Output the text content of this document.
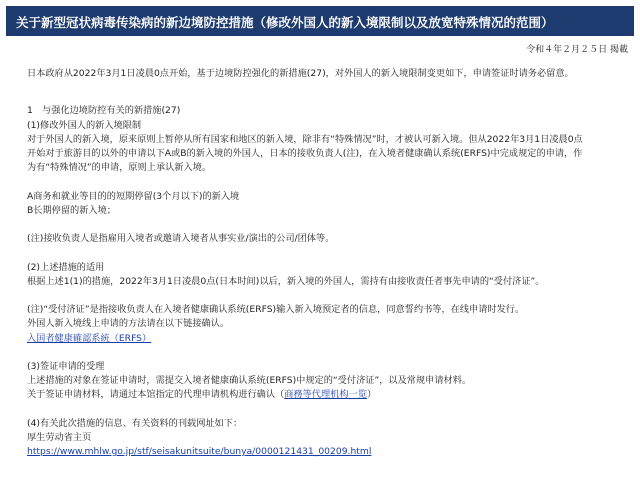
关于新型冠状病毒传染病的新边境防控措施（修改外国人的新入境限制以及放宽特殊情况的范围）
令和４年２月２５日 揭載
日本政府从2022年3月1日凌晨0点开始，基于边境防控强化的新措施(27)，对外国人的新入境限制变更如下，申请签证时请务必留意。
1　与强化边境防控有关的新措施(27)
(1)修改外国人的新入境限制
对于外国人的新入境，原来原则上暂停从所有国家和地区的新入境，除非有“特殊情况”时，才被认可新入境。但从2022年3月1日凌晨0点
开始对于旅游目的以外的申请以下A或B的新入境的外国人，日本的接收负责人(注)，在入境者健康确认系统(ERFS)中完成规定的申请，作
为有“特殊情况”的申请，原则上承认新入境。
A商务和就业等目的的短期停留(3个月以下)的新入境
B长期停留的新入境；
(注)接收负责人是指雇用入境者或邀请入境者从事实业/演出的公司/团体等。
(2)上述措施的适用
根据上述1(1)的措施，2022年3月1日凌晨0点(日本时间)以后，新入境的外国人，需持有由接收责任者事先申请的“受付济证”。
(注)“受付济证”是指接收负责人在入境者健康确认系统(ERFS)输入新入境预定者的信息，同意誓约书等，在线申请时发行。
外国人新入境线上申请的方法请在以下链接确认。
入国者健康確認系統（ERFS）
(3)签证申请的受理
上述措施的对象在签证申请时，需提交入境者健康确认系统(ERFS)中规定的“受付济证”，以及常规申请材料。
关于签证申请材料，请通过本馆指定的代理申请机构进行确认（商務等代理机构一览）
(4)有关此次措施的信息、有关资料的刊载网址如下：
厚生劳动省主页
https://www.mhlw.go.jp/stf/seisakunitsuite/bunya/0000121431_00209.html
